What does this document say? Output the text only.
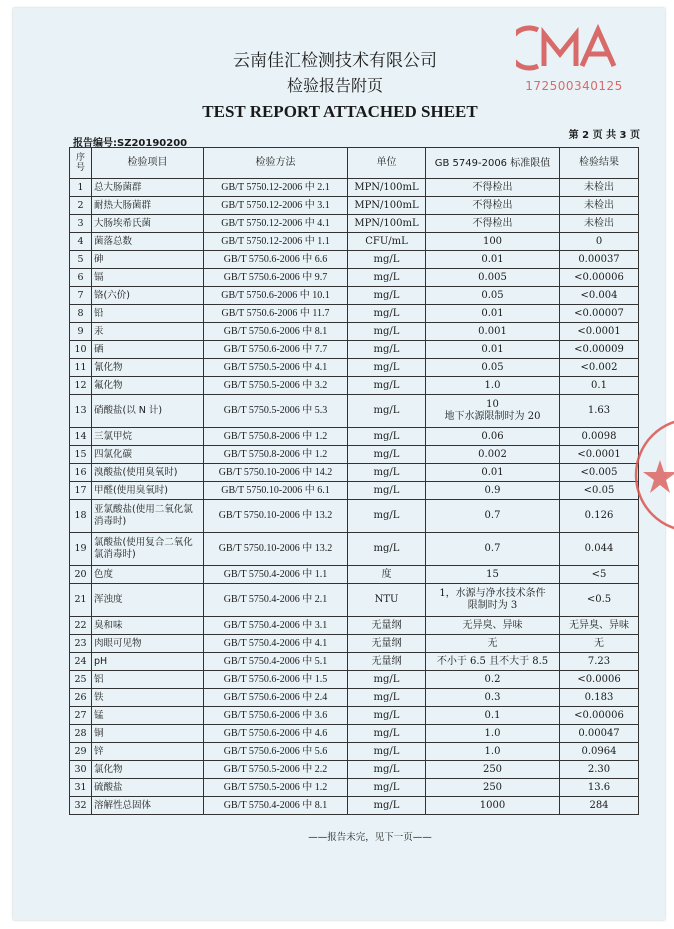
172500340125
云南佳汇检测技术有限公司
检验报告附页
TEST REPORT ATTACHED SHEET
报告编号:SZ20190200
第 2 页 共 3 页
序号	检验项目	检验方法	单位	GB 5749-2006 标准限值	检验结果
1	总大肠菌群	GB/T 5750.12-2006 中 2.1	MPN/100mL	不得检出	未检出
2	耐热大肠菌群	GB/T 5750.12-2006 中 3.1	MPN/100mL	不得检出	未检出
3	大肠埃希氏菌	GB/T 5750.12-2006 中 4.1	MPN/100mL	不得检出	未检出
4	菌落总数	GB/T 5750.12-2006 中 1.1	CFU/mL	100	0
5	砷	GB/T 5750.6-2006 中 6.6	mg/L	0.01	0.00037
6	镉	GB/T 5750.6-2006 中 9.7	mg/L	0.005	<0.00006
7	铬(六价)	GB/T 5750.6-2006 中 10.1	mg/L	0.05	<0.004
8	铅	GB/T 5750.6-2006 中 11.7	mg/L	0.01	<0.00007
9	汞	GB/T 5750.6-2006 中 8.1	mg/L	0.001	<0.0001
10	硒	GB/T 5750.6-2006 中 7.7	mg/L	0.01	<0.00009
11	氰化物	GB/T 5750.5-2006 中 4.1	mg/L	0.05	<0.002
12	氟化物	GB/T 5750.5-2006 中 3.2	mg/L	1.0	0.1
13	硝酸盐(以 N 计)	GB/T 5750.5-2006 中 5.3	mg/L	10
地下水源限制时为 20	1.63
14	三氯甲烷	GB/T 5750.8-2006 中 1.2	mg/L	0.06	0.0098
15	四氯化碳	GB/T 5750.8-2006 中 1.2	mg/L	0.002	<0.0001
16	溴酸盐(使用臭氧时)	GB/T 5750.10-2006 中 14.2	mg/L	0.01	<0.005
17	甲醛(使用臭氧时)	GB/T 5750.10-2006 中 6.1	mg/L	0.9	<0.05
18	亚氯酸盐(使用二氧化氯消毒时)	GB/T 5750.10-2006 中 13.2	mg/L	0.7	0.126
19	氯酸盐(使用复合二氧化氯消毒时)	GB/T 5750.10-2006 中 13.2	mg/L	0.7	0.044
20	色度	GB/T 5750.4-2006 中 1.1	度	15	<5
21	浑浊度	GB/T 5750.4-2006 中 2.1	NTU	1，水源与净水技术条件
限制时为 3	<0.5
22	臭和味	GB/T 5750.4-2006 中 3.1	无量纲	无异臭、异味	无异臭、异味
23	肉眼可见物	GB/T 5750.4-2006 中 4.1	无量纲	无	无
24	pH	GB/T 5750.4-2006 中 5.1	无量纲	不小于 6.5 且不大于 8.5	7.23
25	铝	GB/T 5750.6-2006 中 1.5	mg/L	0.2	<0.0006
26	铁	GB/T 5750.6-2006 中 2.4	mg/L	0.3	0.183
27	锰	GB/T 5750.6-2006 中 3.6	mg/L	0.1	<0.00006
28	铜	GB/T 5750.6-2006 中 4.6	mg/L	1.0	0.00047
29	锌	GB/T 5750.6-2006 中 5.6	mg/L	1.0	0.0964
30	氯化物	GB/T 5750.5-2006 中 2.2	mg/L	250	2.30
31	硫酸盐	GB/T 5750.5-2006 中 1.2	mg/L	250	13.6
32	溶解性总固体	GB/T 5750.4-2006 中 8.1	mg/L	1000	284
——报告未完，见下一页——
